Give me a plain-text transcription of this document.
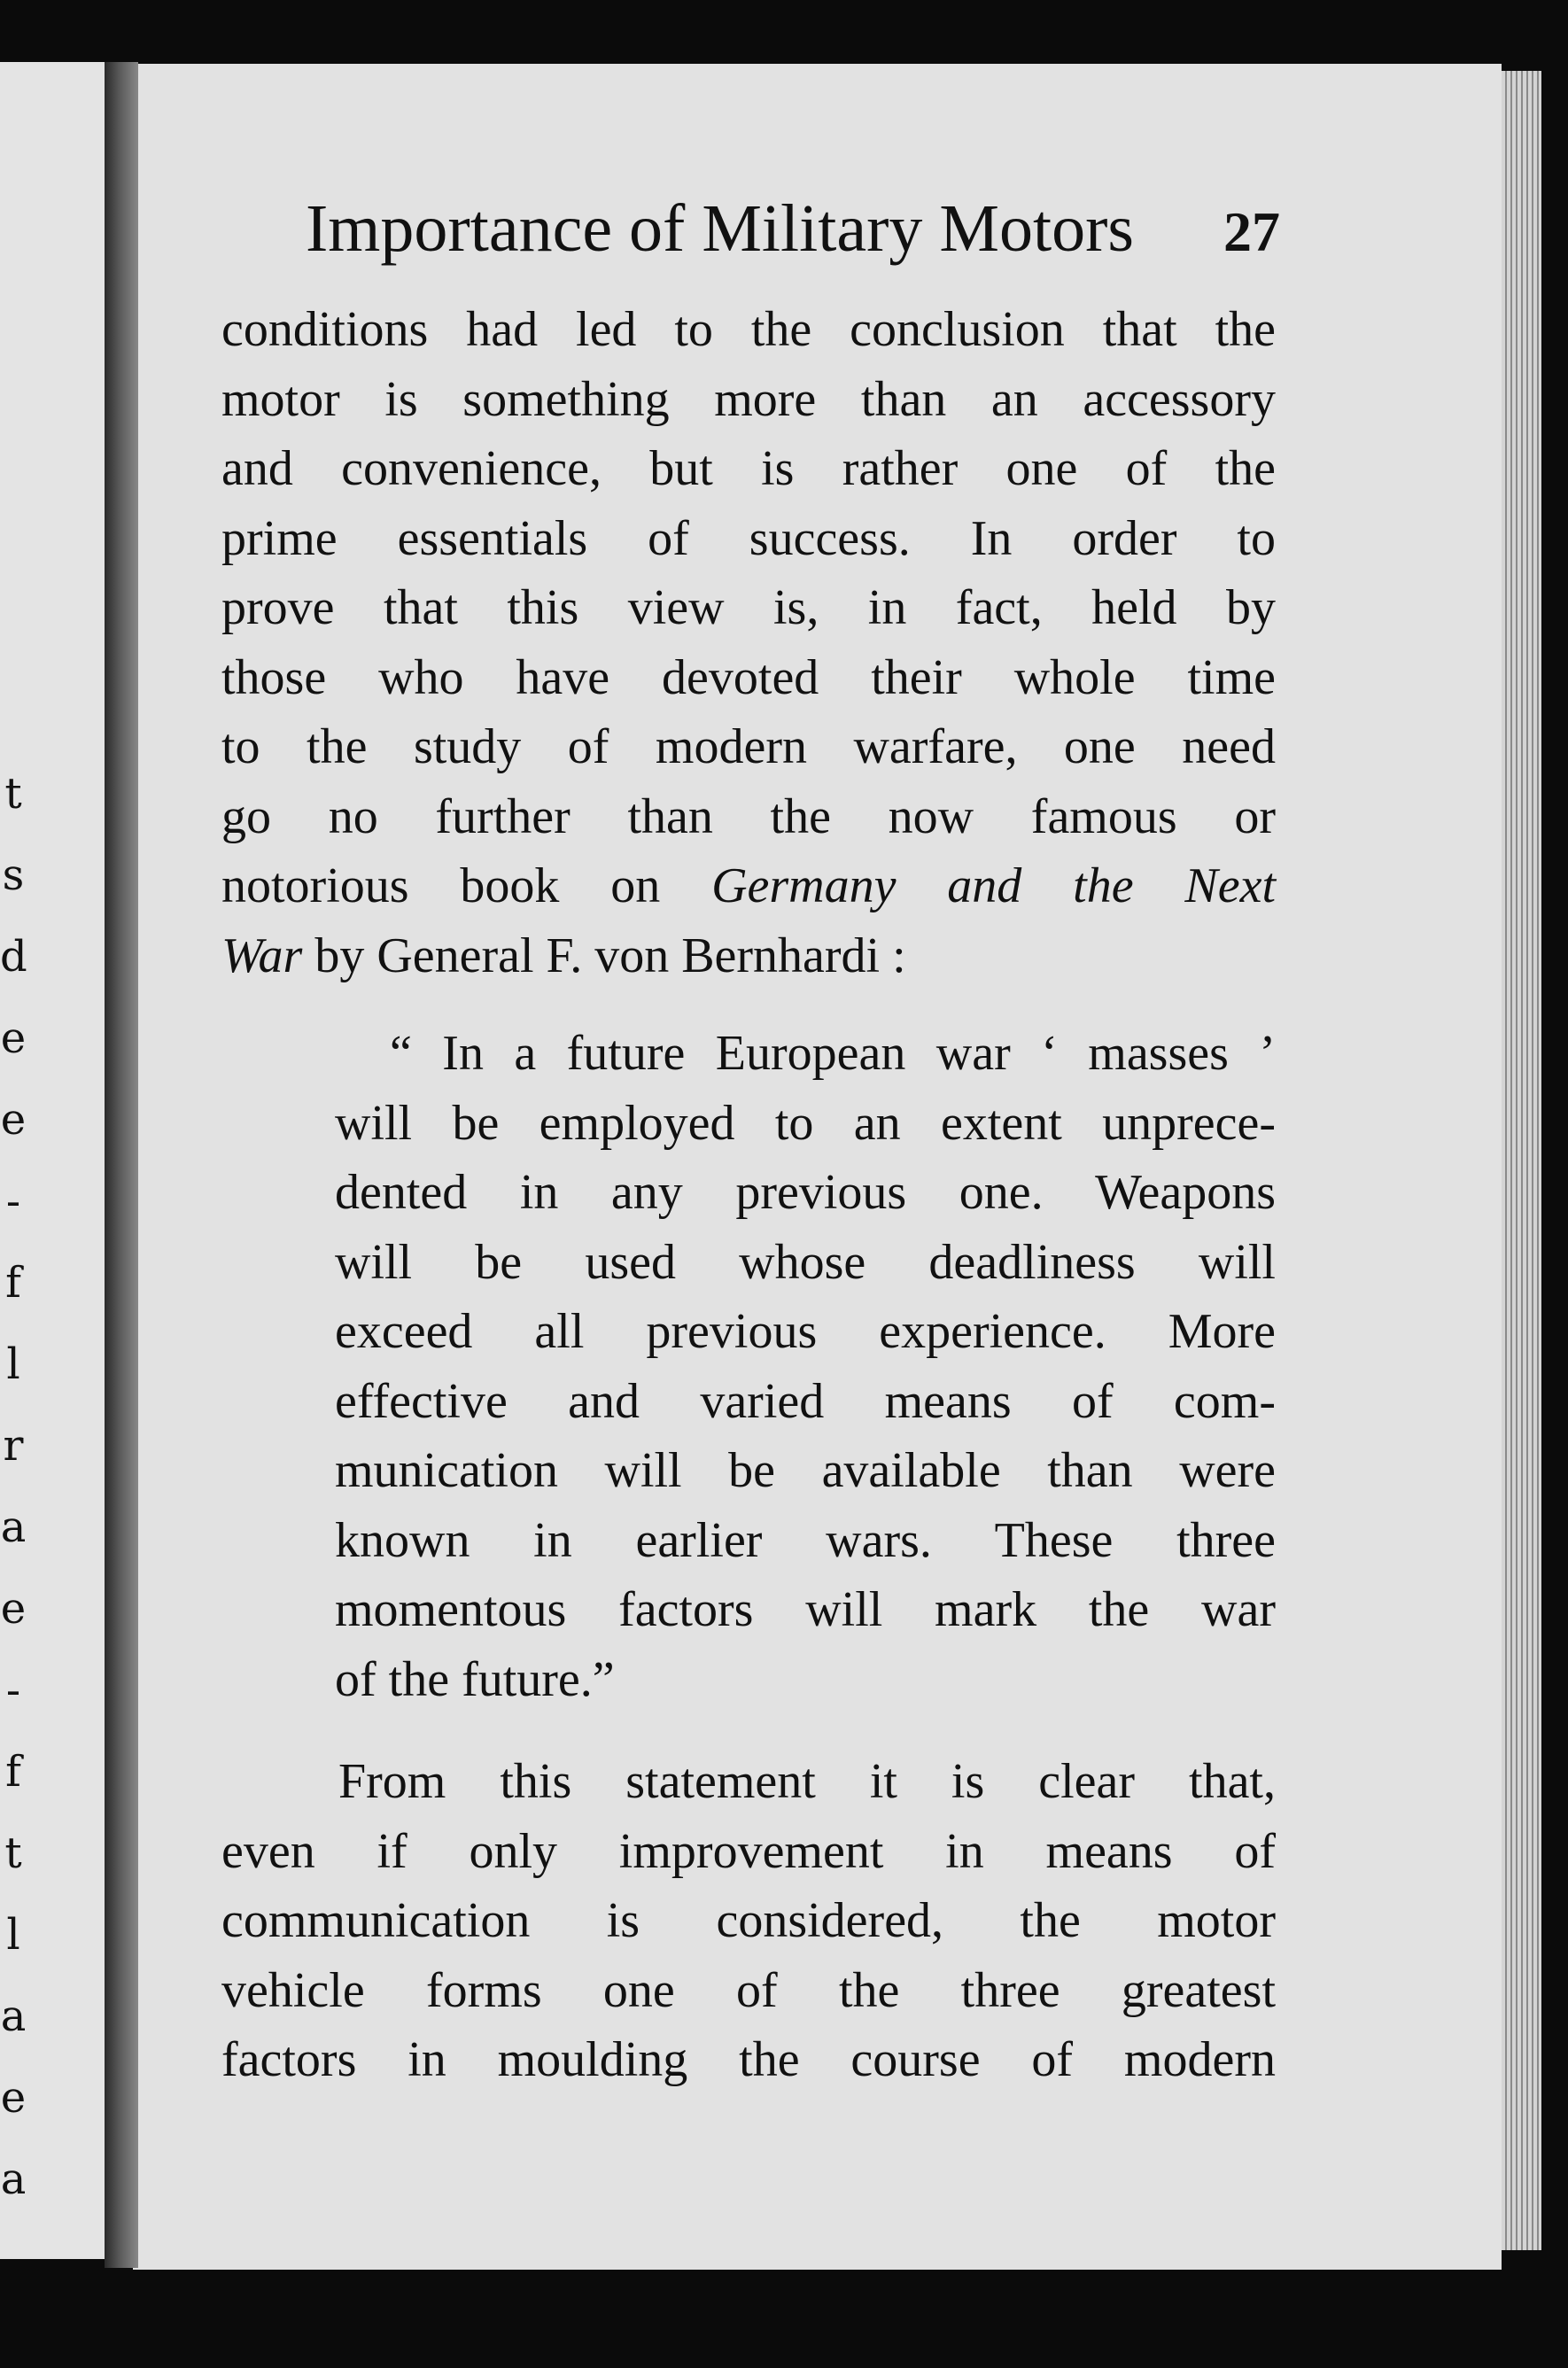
t
s
d
e
e
-
f
l
r
a
e
-
f
t
l
a
e
a
Importance of Military Motors 27
conditions had led to the conclusion that the
motor is something more than an accessory
and convenience, but is rather one of the
prime essentials of success. In order to
prove that this view is, in fact, held by
those who have devoted their whole time
to the study of modern warfare, one need
go no further than the now famous or
notorious book on Germany and the Next
War by General F. von Bernhardi :
“ In a future European war ‘ masses ’
will be employed to an extent unprece-
dented in any previous one. Weapons
will be used whose deadliness will
exceed all previous experience. More
effective and varied means of com-
munication will be available than were
known in earlier wars. These three
momentous factors will mark the war
of the future.”
From this statement it is clear that,
even if only improvement in means of
communication is considered, the motor
vehicle forms one of the three greatest
factors in moulding the course of modern
